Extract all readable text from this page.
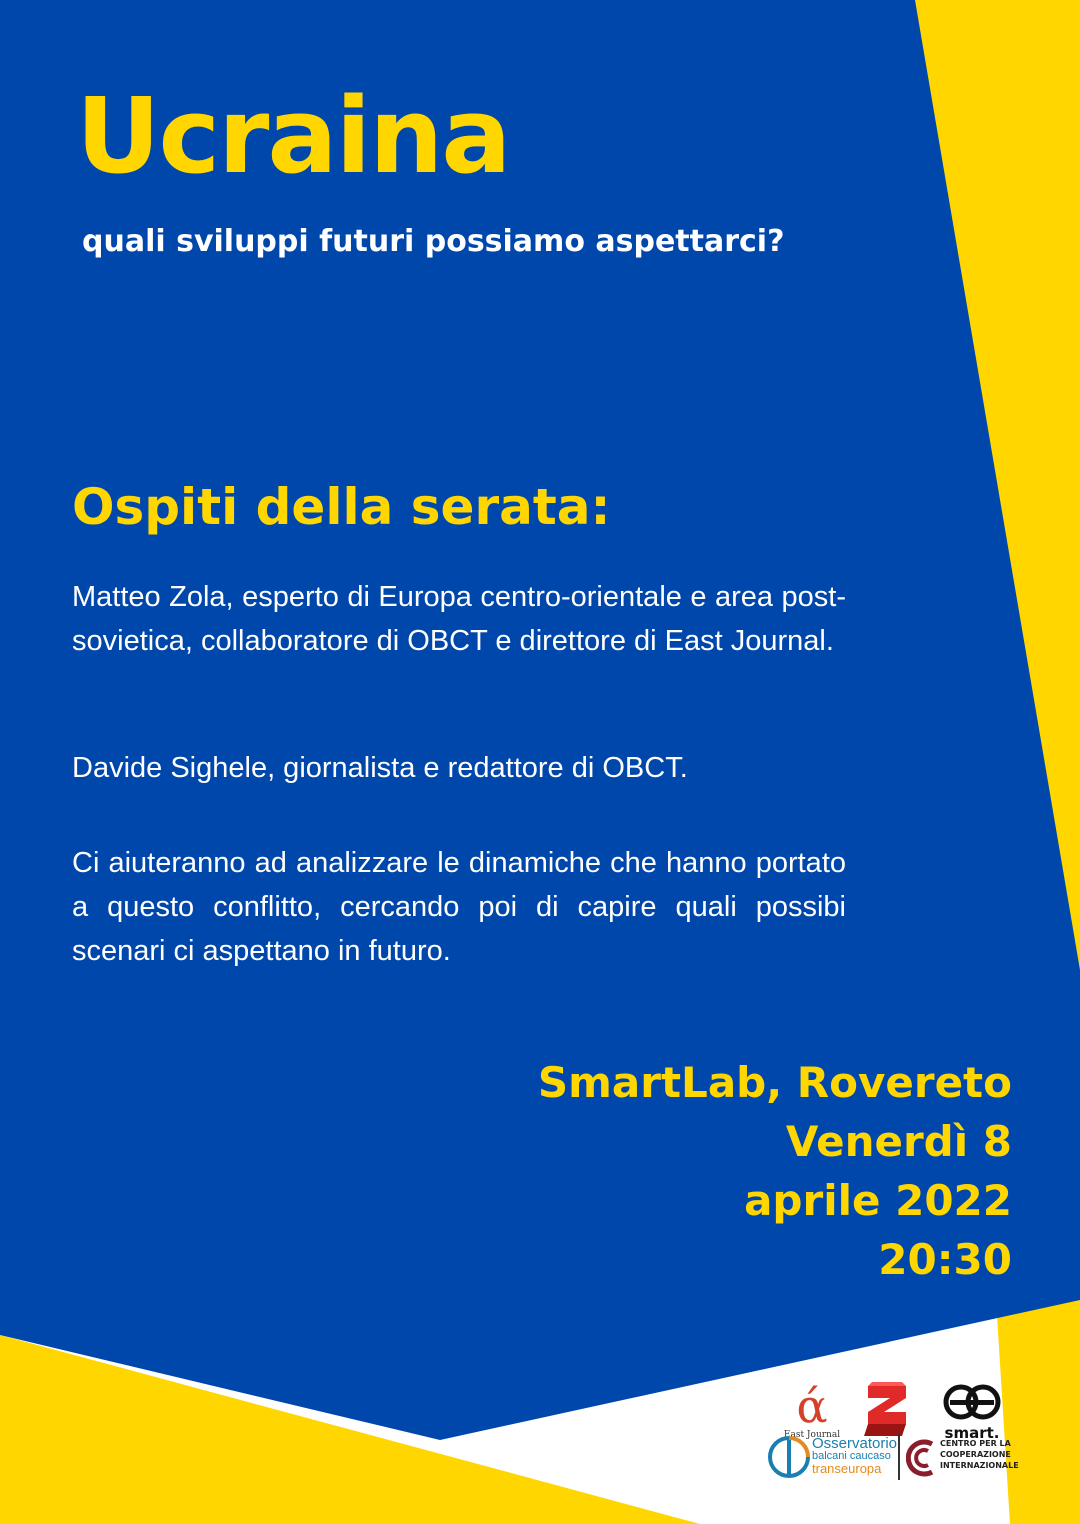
Ucraina

quali sviluppi futuri possiamo aspettarci?

Ospiti della serata:

Matteo Zola, esperto di Europa centro-orientale e area post-sovietica, collaboratore di OBCT e direttore di East Journal.

Davide Sighele, giornalista e redattore di OBCT.

Ci aiuteranno ad analizzare le dinamiche che hanno portato a questo conflitto, cercando poi di capire quali possibi scenari ci aspettano in futuro.

SmartLab, Rovereto
Venerdì 8
aprile 2022
20:30
ά
East Journal	smart.
Osservatorio
balcani caucaso
transeuropa
CENTRO PER LA
COOPERAZIONE
INTERNAZIONALE
